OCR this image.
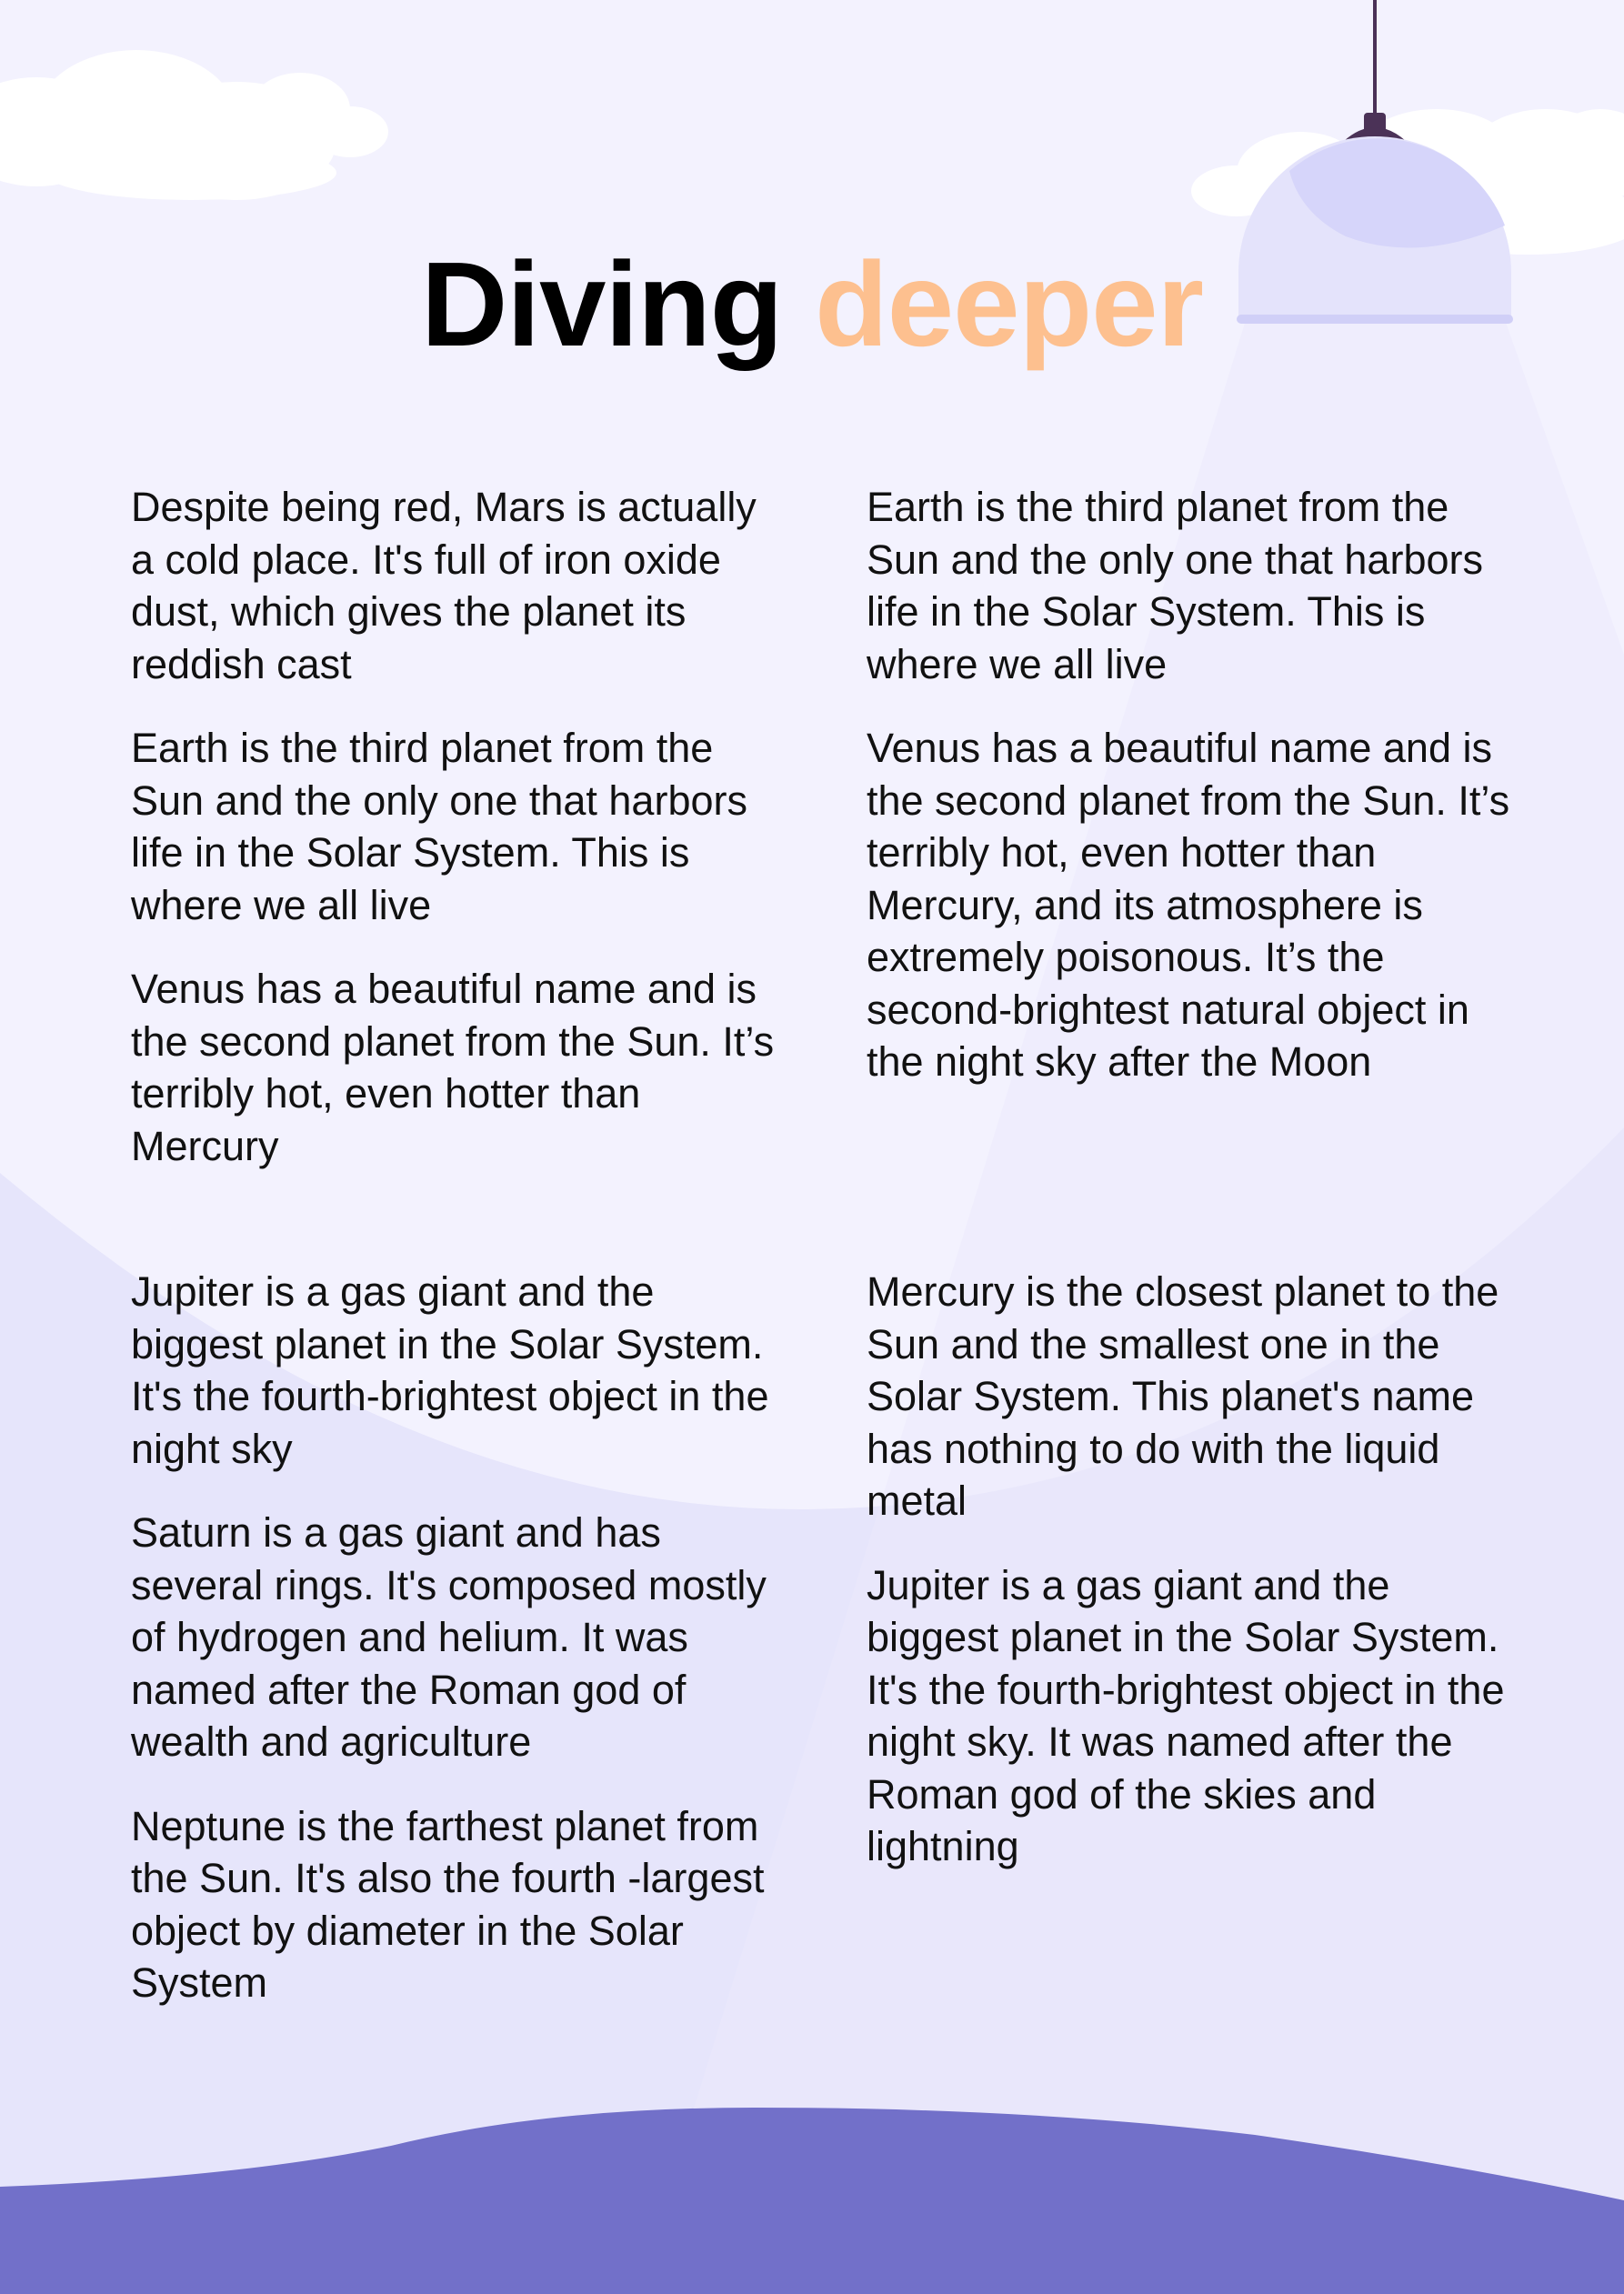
Diving deeper

Despite being red, Mars is actually a cold place. It's full of iron oxide dust, which gives the planet its reddish cast

Earth is the third planet from the Sun and the only one that harbors life in the Solar System. This is where we all live

Venus has a beautiful name and is the second planet from the Sun. It’s terribly hot, even hotter than Mercury

Earth is the third planet from the Sun and the only one that harbors life in the Solar System. This is where we all live

Venus has a beautiful name and is the second planet from the Sun. It’s terribly hot, even hotter than Mercury, and its atmosphere is extremely poisonous. It’s the second-brightest natural object in the night sky after the Moon

Jupiter is a gas giant and the biggest planet in the Solar System. It's the fourth-brightest object in the night sky

Saturn is a gas giant and has several rings. It's composed mostly of hydrogen and helium. It was named after the Roman god of wealth and agriculture

Neptune is the farthest planet from the Sun. It's also the fourth -largest object by diameter in the Solar System

Mercury is the closest planet to the Sun and the smallest one in the Solar System. This planet's name has nothing to do with the liquid metal

Jupiter is a gas giant and the biggest planet in the Solar System. It's the fourth-brightest object in the night sky. It was named after the Roman god of the skies and lightning
